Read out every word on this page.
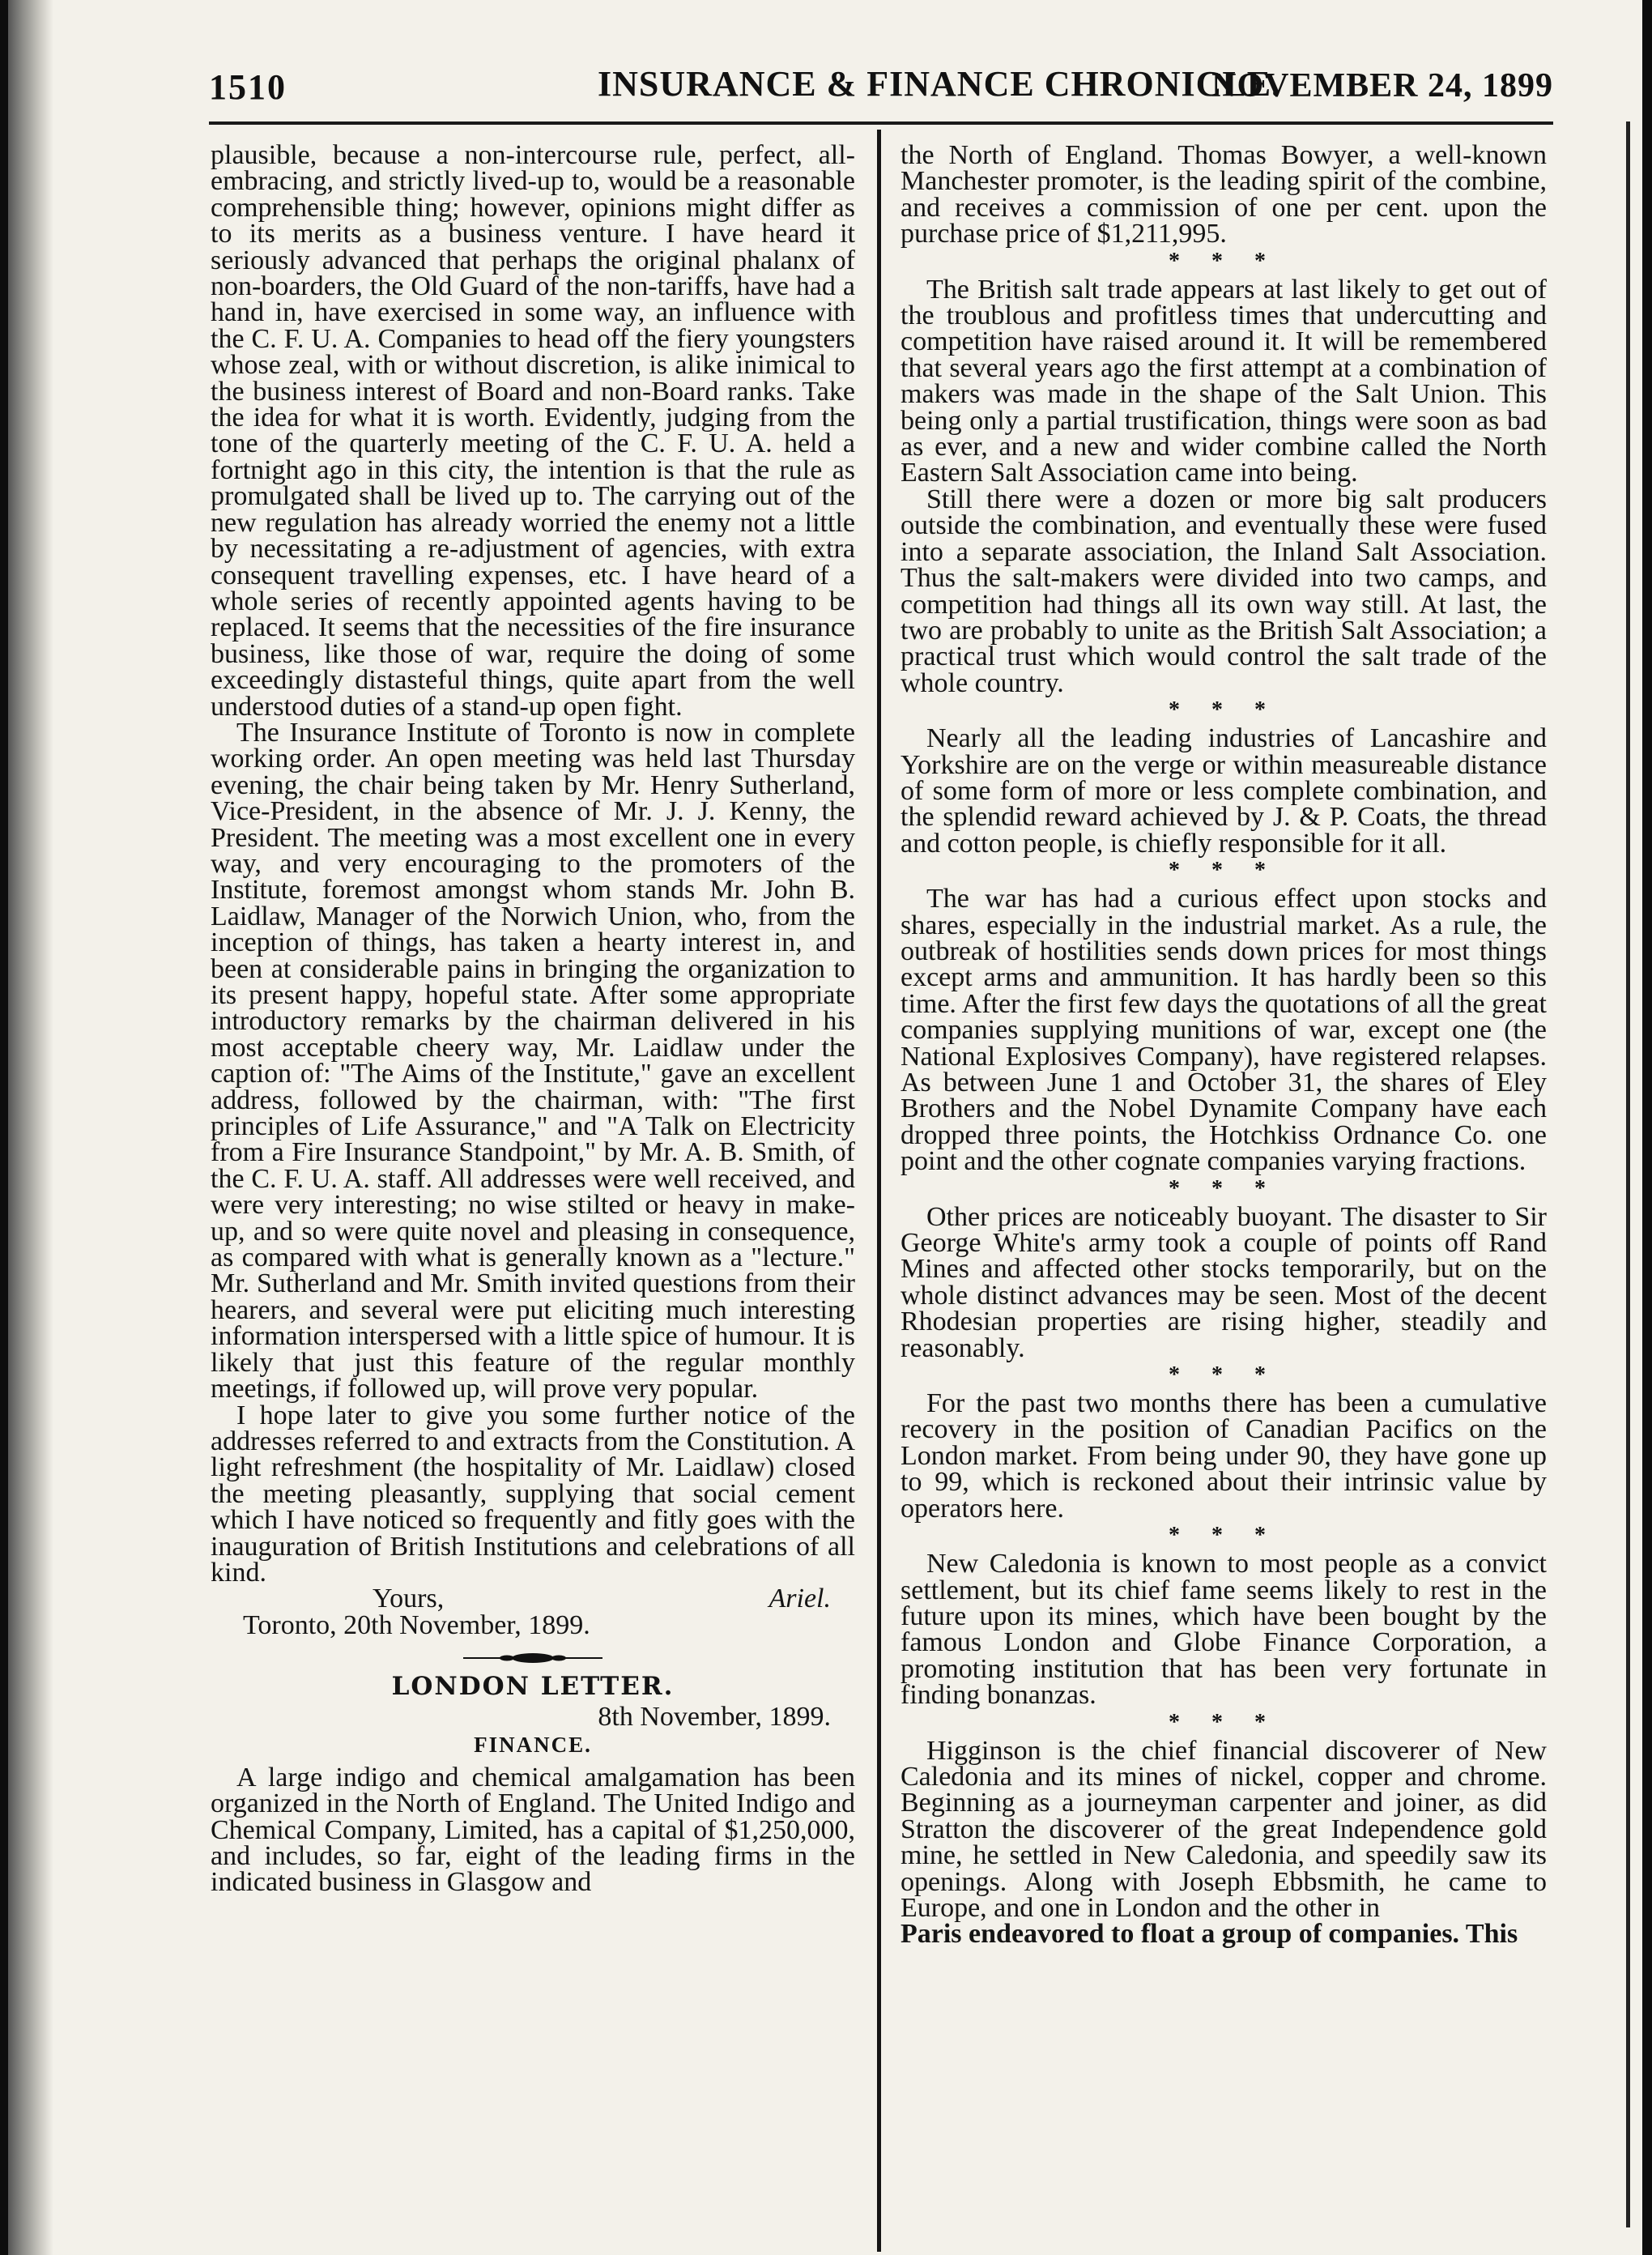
1510	INSURANCE & FINANCE CHRONICLE.
NOVEMBER 24, 1899

plausible, because a non-intercourse rule, perfect, all-embracing, and strictly lived-up to, would be a reasonable comprehensible thing; however, opinions might differ as to its merits as a business venture. I have heard it seriously advanced that perhaps the original phalanx of non-boarders, the Old Guard of the non-tariffs, have had a hand in, have exercised in some way, an influence with the C. F. U. A. Companies to head off the fiery youngsters whose zeal, with or without discretion, is alike inimical to the business interest of Board and non-Board ranks. Take the idea for what it is worth. Evidently, judging from the tone of the quarterly meeting of the C. F. U. A. held a fortnight ago in this city, the intention is that the rule as promulgated shall be lived up to. The carrying out of the new regulation has already worried the enemy not a little by necessitating a re-adjustment of agencies, with extra consequent travelling expenses, etc. I have heard of a whole series of recently appointed agents having to be replaced. It seems that the necessities of the fire insurance business, like those of war, require the doing of some exceedingly distasteful things, quite apart from the well understood duties of a stand-up open fight.

The Insurance Institute of Toronto is now in complete working order. An open meeting was held last Thursday evening, the chair being taken by Mr. Henry Sutherland, Vice-President, in the absence of Mr. J. J. Kenny, the President. The meeting was a most excellent one in every way, and very encouraging to the promoters of the Institute, foremost amongst whom stands Mr. John B. Laidlaw, Manager of the Norwich Union, who, from the inception of things, has taken a hearty interest in, and been at considerable pains in bringing the organization to its present happy, hopeful state. After some appropriate introductory remarks by the chairman delivered in his most acceptable cheery way, Mr. Laidlaw under the caption of: "The Aims of the Institute," gave an excellent address, followed by the chairman, with: "The first principles of Life Assurance," and "A Talk on Electricity from a Fire Insurance Standpoint," by Mr. A. B. Smith, of the C. F. U. A. staff. All addresses were well received, and were very interesting; no wise stilted or heavy in make-up, and so were quite novel and pleasing in consequence, as compared with what is generally known as a "lecture." Mr. Sutherland and Mr. Smith invited questions from their hearers, and several were put eliciting much interesting information interspersed with a little spice of humour. It is likely that just this feature of the regular monthly meetings, if followed up, will prove very popular.

I hope later to give you some further notice of the addresses referred to and extracts from the Constitution. A light refreshment (the hospitality of Mr. Laidlaw) closed the meeting pleasantly, supplying that social cement which I have noticed so frequently and fitly goes with the inauguration of British Institutions and celebrations of all kind.

Yours,	Ariel.

Toronto, 20th November, 1899.

LONDON LETTER.
8th November, 1899.
FINANCE.

A large indigo and chemical amalgamation has been organized in the North of England. The United Indigo and Chemical Company, Limited, has a capital of $1,250,000, and includes, so far, eight of the leading firms in the indicated business in Glasgow and

the North of England. Thomas Bowyer, a well-known Manchester promoter, is the leading spirit of the combine, and receives a commission of one per cent. upon the purchase price of $1,211,995.

* * *

The British salt trade appears at last likely to get out of the troublous and profitless times that undercutting and competition have raised around it. It will be remembered that several years ago the first attempt at a combination of makers was made in the shape of the Salt Union. This being only a partial trustification, things were soon as bad as ever, and a new and wider combine called the North Eastern Salt Association came into being.

Still there were a dozen or more big salt producers outside the combination, and eventually these were fused into a separate association, the Inland Salt Association. Thus the salt-makers were divided into two camps, and competition had things all its own way still. At last, the two are probably to unite as the British Salt Association; a practical trust which would control the salt trade of the whole country.

* * *

Nearly all the leading industries of Lancashire and Yorkshire are on the verge or within measureable distance of some form of more or less complete combination, and the splendid reward achieved by J. & P. Coats, the thread and cotton people, is chiefly responsible for it all.

* * *

The war has had a curious effect upon stocks and shares, especially in the industrial market. As a rule, the outbreak of hostilities sends down prices for most things except arms and ammunition. It has hardly been so this time. After the first few days the quotations of all the great companies supplying munitions of war, except one (the National Explosives Company), have registered relapses. As between June 1 and October 31, the shares of Eley Brothers and the Nobel Dynamite Company have each dropped three points, the Hotchkiss Ordnance Co. one point and the other cognate companies varying fractions.

* * *

Other prices are noticeably buoyant. The disaster to Sir George White's army took a couple of points off Rand Mines and affected other stocks temporarily, but on the whole distinct advances may be seen. Most of the decent Rhodesian properties are rising higher, steadily and reasonably.

* * *

For the past two months there has been a cumulative recovery in the position of Canadian Pacifics on the London market. From being under 90, they have gone up to 99, which is reckoned about their intrinsic value by operators here.

* * *

New Caledonia is known to most people as a convict settlement, but its chief fame seems likely to rest in the future upon its mines, which have been bought by the famous London and Globe Finance Corporation, a promoting institution that has been very fortunate in finding bonanzas.

* * *

Higginson is the chief financial discoverer of New Caledonia and its mines of nickel, copper and chrome. Beginning as a journeyman carpenter and joiner, as did Stratton the discoverer of the great Independence gold mine, he settled in New Caledonia, and speedily saw its openings. Along with Joseph Ebbsmith, he came to Europe, and one in London and the other in

Paris endeavored to float a group of companies. This
